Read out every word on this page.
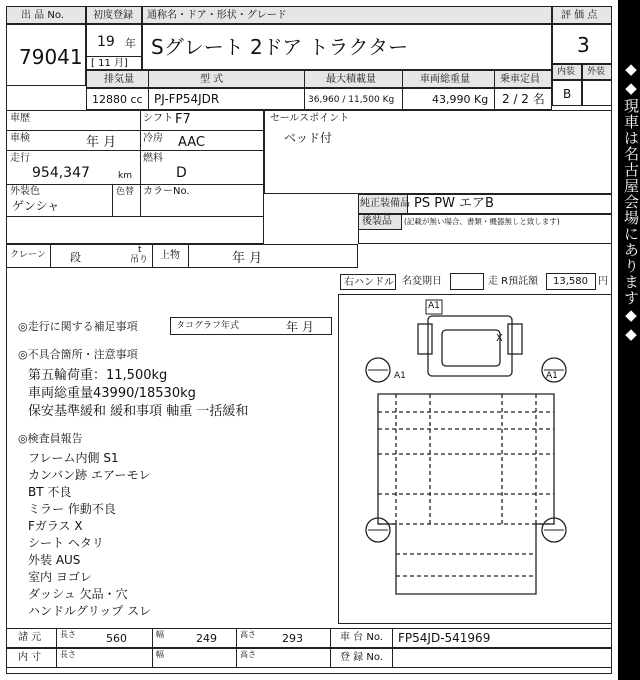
出 品 No.
79041
初度登録 通称名・ドア・形状・グレード
19 年
[ 11 月]
Sグレート 2ドア トラクター
評 価 点
3
内装 外装
B
排気量	型 式	最大積載量	車両総重量	乗車定員
12880 cc PJ-FP54JDR	36,960 / 11,500 Kg	43,990 Kg 2 / 2 名
車歴	シフト F7
車検	年 月	冷房 AAC
走行
954,347	km
燃料
D
外装色
ゲンシャ
色替 カラーNo.
クレーン 段
t
吊り 上物	年 月
セールスポイント
ベッド付
純正装備品 PS PW エアB
後装品 (記載が無い場合、書類・機器無しと致します)
右ハンドル 名変期日	走 R預託額 13,580 円
◎走行に関する補足事項	タコグラフ年式	年 月
◎不具合箇所・注意事項
第五輪荷重：11,500kg
車両総重量43990/18530kg
保安基準緩和 緩和事項 軸重 一括緩和
◎検査員報告
フレーム内側 S1
カンバン跡 エアーモレ
BT 不良
ミラー 作動不良
Fガラス X
シート ヘタリ
外装 AUS
室内 ヨゴレ
ダッシュ 欠品・穴
ハンドルグリップ スレ
A1
X
A1	A1
諸 元 長さ	560	幅	249	高さ 293	車 台 No. FP54JD-541969
内 寸 長さ	幅	高さ	登 録 No.
◆◆現車は名古屋会場にあります◆◆
